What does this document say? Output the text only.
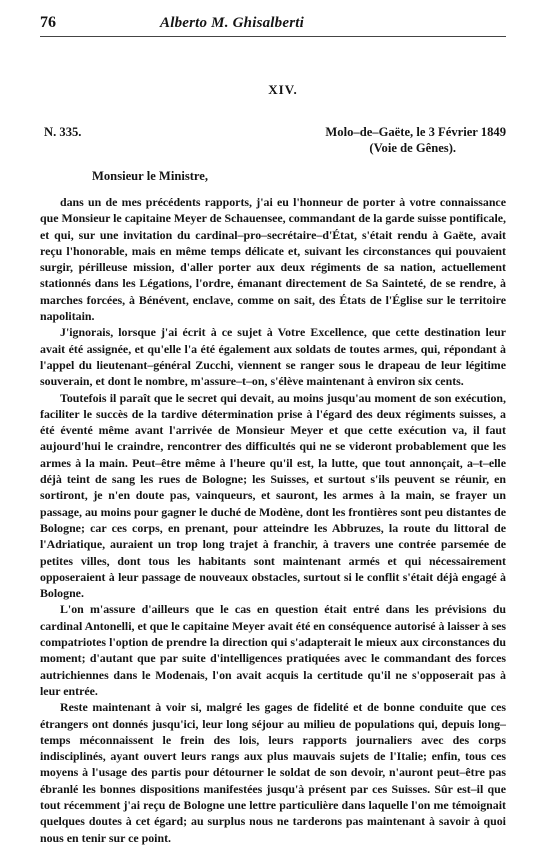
76	Alberto M. Ghisalberti
XIV.
N. 335.	Molo–de–Gaëte, le 3 Février 1849
(Voie de Gênes).
Monsieur le Ministre,

dans un de mes précédents rapports, j'ai eu l'honneur de porter à votre connaissance que Monsieur le capitaine Meyer de Schauensee, commandant de la garde suisse pontificale, et qui, sur une invitation du cardinal–pro–secrétaire–d'État, s'était rendu à Gaëte, avait reçu l'honorable, mais en même temps délicate et, suivant les circonstances qui pouvaient surgir, périlleuse mission, d'aller porter aux deux régiments de sa nation, actuellement stationnés dans les Légations, l'ordre, émanant directement de Sa Sainteté, de se rendre, à marches forcées, à Bénévent, enclave, comme on sait, des États de l'Église sur le territoire napolitain.

J'ignorais, lorsque j'ai écrit à ce sujet à Votre Excellence, que cette destination leur avait été assignée, et qu'elle l'a été également aux soldats de toutes armes, qui, répondant à l'appel du lieutenant–général Zucchi, viennent se ranger sous le drapeau de leur légitime souverain, et dont le nombre, m'assure–t–on, s'élève maintenant à environ six cents.

Toutefois il paraît que le secret qui devait, au moins jusqu'au moment de son exécution, faciliter le succès de la tardive détermination prise à l'égard des deux régiments suisses, a été éventé même avant l'arrivée de Monsieur Meyer et que cette exécution va, il faut aujourd'hui le craindre, rencontrer des difficultés qui ne se videront probablement que les armes à la main. Peut–être même à l'heure qu'il est, la lutte, que tout annonçait, a–t–elle déjà teint de sang les rues de Bologne; les Suisses, et surtout s'ils peuvent se réunir, en sortiront, je n'en doute pas, vainqueurs, et sauront, les armes à la main, se frayer un passage, au moins pour gagner le duché de Modène, dont les frontières sont peu distantes de Bologne; car ces corps, en prenant, pour atteindre les Abbruzes, la route du littoral de l'Adriatique, auraient un trop long trajet à franchir, à travers une contrée parsemée de petites villes, dont tous les habitants sont maintenant armés et qui nécessairement opposeraient à leur passage de nouveaux obstacles, surtout si le conflit s'était déjà engagé à Bologne.

L'on m'assure d'ailleurs que le cas en question était entré dans les prévisions du cardinal Antonelli, et que le capitaine Meyer avait été en conséquence autorisé à laisser à ses compatriotes l'option de prendre la direction qui s'adapterait le mieux aux circonstances du moment; d'autant que par suite d'intelligences pratiquées avec le commandant des forces autrichiennes dans le Modenais, l'on avait acquis la certitude qu'il ne s'opposerait pas à leur entrée.

Reste maintenant à voir si, malgré les gages de fidelité et de bonne conduite que ces étrangers ont donnés jusqu'ici, leur long séjour au milieu de populations qui, depuis long–temps méconnaissent le frein des lois, leurs rapports journaliers avec des corps indisciplinés, ayant ouvert leurs rangs aux plus mauvais sujets de l'Italie; enfin, tous ces moyens à l'usage des partis pour détourner le soldat de son devoir, n'auront peut–être pas ébranlé les bonnes dispositions manifestées jusqu'à présent par ces Suisses. Sûr est–il que tout récemment j'ai reçu de Bologne une lettre particulière dans laquelle l'on me témoignait quelques doutes à cet égard; au surplus nous ne tarderons pas maintenant à savoir à quoi nous en tenir sur ce point.
